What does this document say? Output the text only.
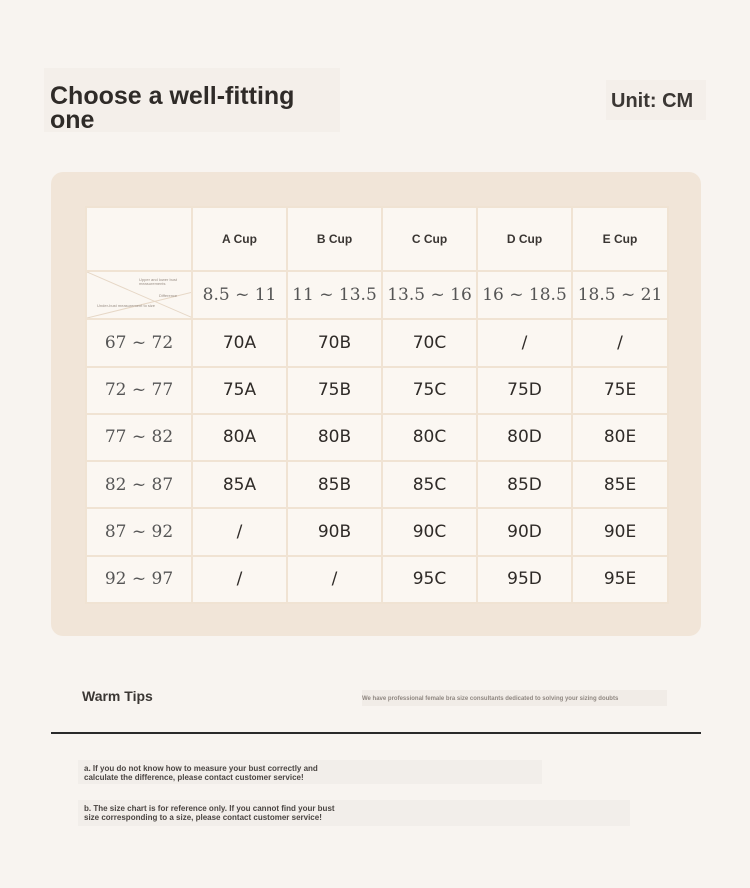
Choose a well-fitting
one
Unit: CM
	A Cup	B Cup	C Cup	D Cup	E Cup

Upper and lower bust measurements
Difference
Under-bust measurement to size	8.5 ~ 11	11 ~ 13.5	13.5 ~ 16	16 ~ 18.5	18.5 ~ 21
67 ~ 72	70A	70B	70C	/	/
72 ~ 77	75A	75B	75C	75D	75E
77 ~ 82	80A	80B	80C	80D	80E
82 ~ 87	85A	85B	85C	85D	85E
87 ~ 92	/	90B	90C	90D	90E
92 ~ 97	/	/	95C	95D	95E
Warm Tips	We have professional female bra size consultants dedicated to solving your sizing doubts
a. If you do not know how to measure your bust correctly and
calculate the difference, please contact customer service!
b. The size chart is for reference only. If you cannot find your bust
size corresponding to a size, please contact customer service!
